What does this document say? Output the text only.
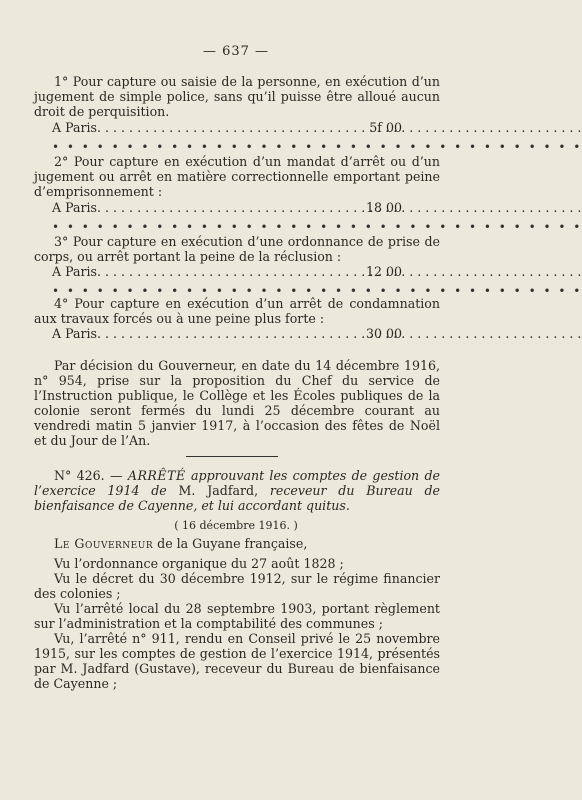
— 637 —
1° Pour capture ou saisie de la personne, en exécution d’un jugement de simple police, sans qu’il puisse être alloué aucun droit de perquisition.
A Paris . . .	5f 00
• • • • • • • • • • • • • • • • • • • • • • • • • • • • • • • • • • • •
2° Pour capture en exécution d’un mandat d’arrêt ou d’un jugement ou arrêt en matière correctionnelle emportant peine d’emprisonnement :
A Paris . . .	18 00
• • • • • • • • • • • • • • • • • • • • • • • • • • • • • • • • • • • •
3° Pour capture en exécution d’une ordonnance de prise de corps, ou arrêt portant la peine de la réclusion :
A Paris . . .	12 00
• • • • • • • • • • • • • • • • • • • • • • • • • • • • • • • • • • • •
4° Pour capture en exécution d’un arrêt de condamnation aux travaux forcés ou à une peine plus forte :
A Paris . . .	30 00
Par décision du Gouverneur, en date du 14 décembre 1916, n° 954, prise sur la proposition du Chef du service de l’Instruction publique, le Collège et les Écoles publiques de la colonie seront fermés du lundi 25 décembre courant au vendredi matin 5 janvier 1917, à l’occasion des fêtes de Noël et du Jour de l’An.
N° 426. — ARRÊTÉ approuvant les comptes de gestion de l’exercice 1914 de M. Jadfard, receveur du Bureau de bienfaisance de Cayenne, et lui accordant quitus.
( 16 décembre 1916. )
Le Gouverneur de la Guyane française,
Vu l’ordonnance organique du 27 août 1828 ;
Vu le décret du 30 décembre 1912, sur le régime financier des colonies ;
Vu l’arrêté local du 28 septembre 1903, portant règlement sur l’administration et la comptabilité des communes ;
Vu, l’arrêté n° 911, rendu en Conseil privé le 25 novembre 1915, sur les comptes de gestion de l’exercice 1914, présentés par M. Jadfard (Gustave), receveur du Bureau de bienfaisance de Cayenne ;
